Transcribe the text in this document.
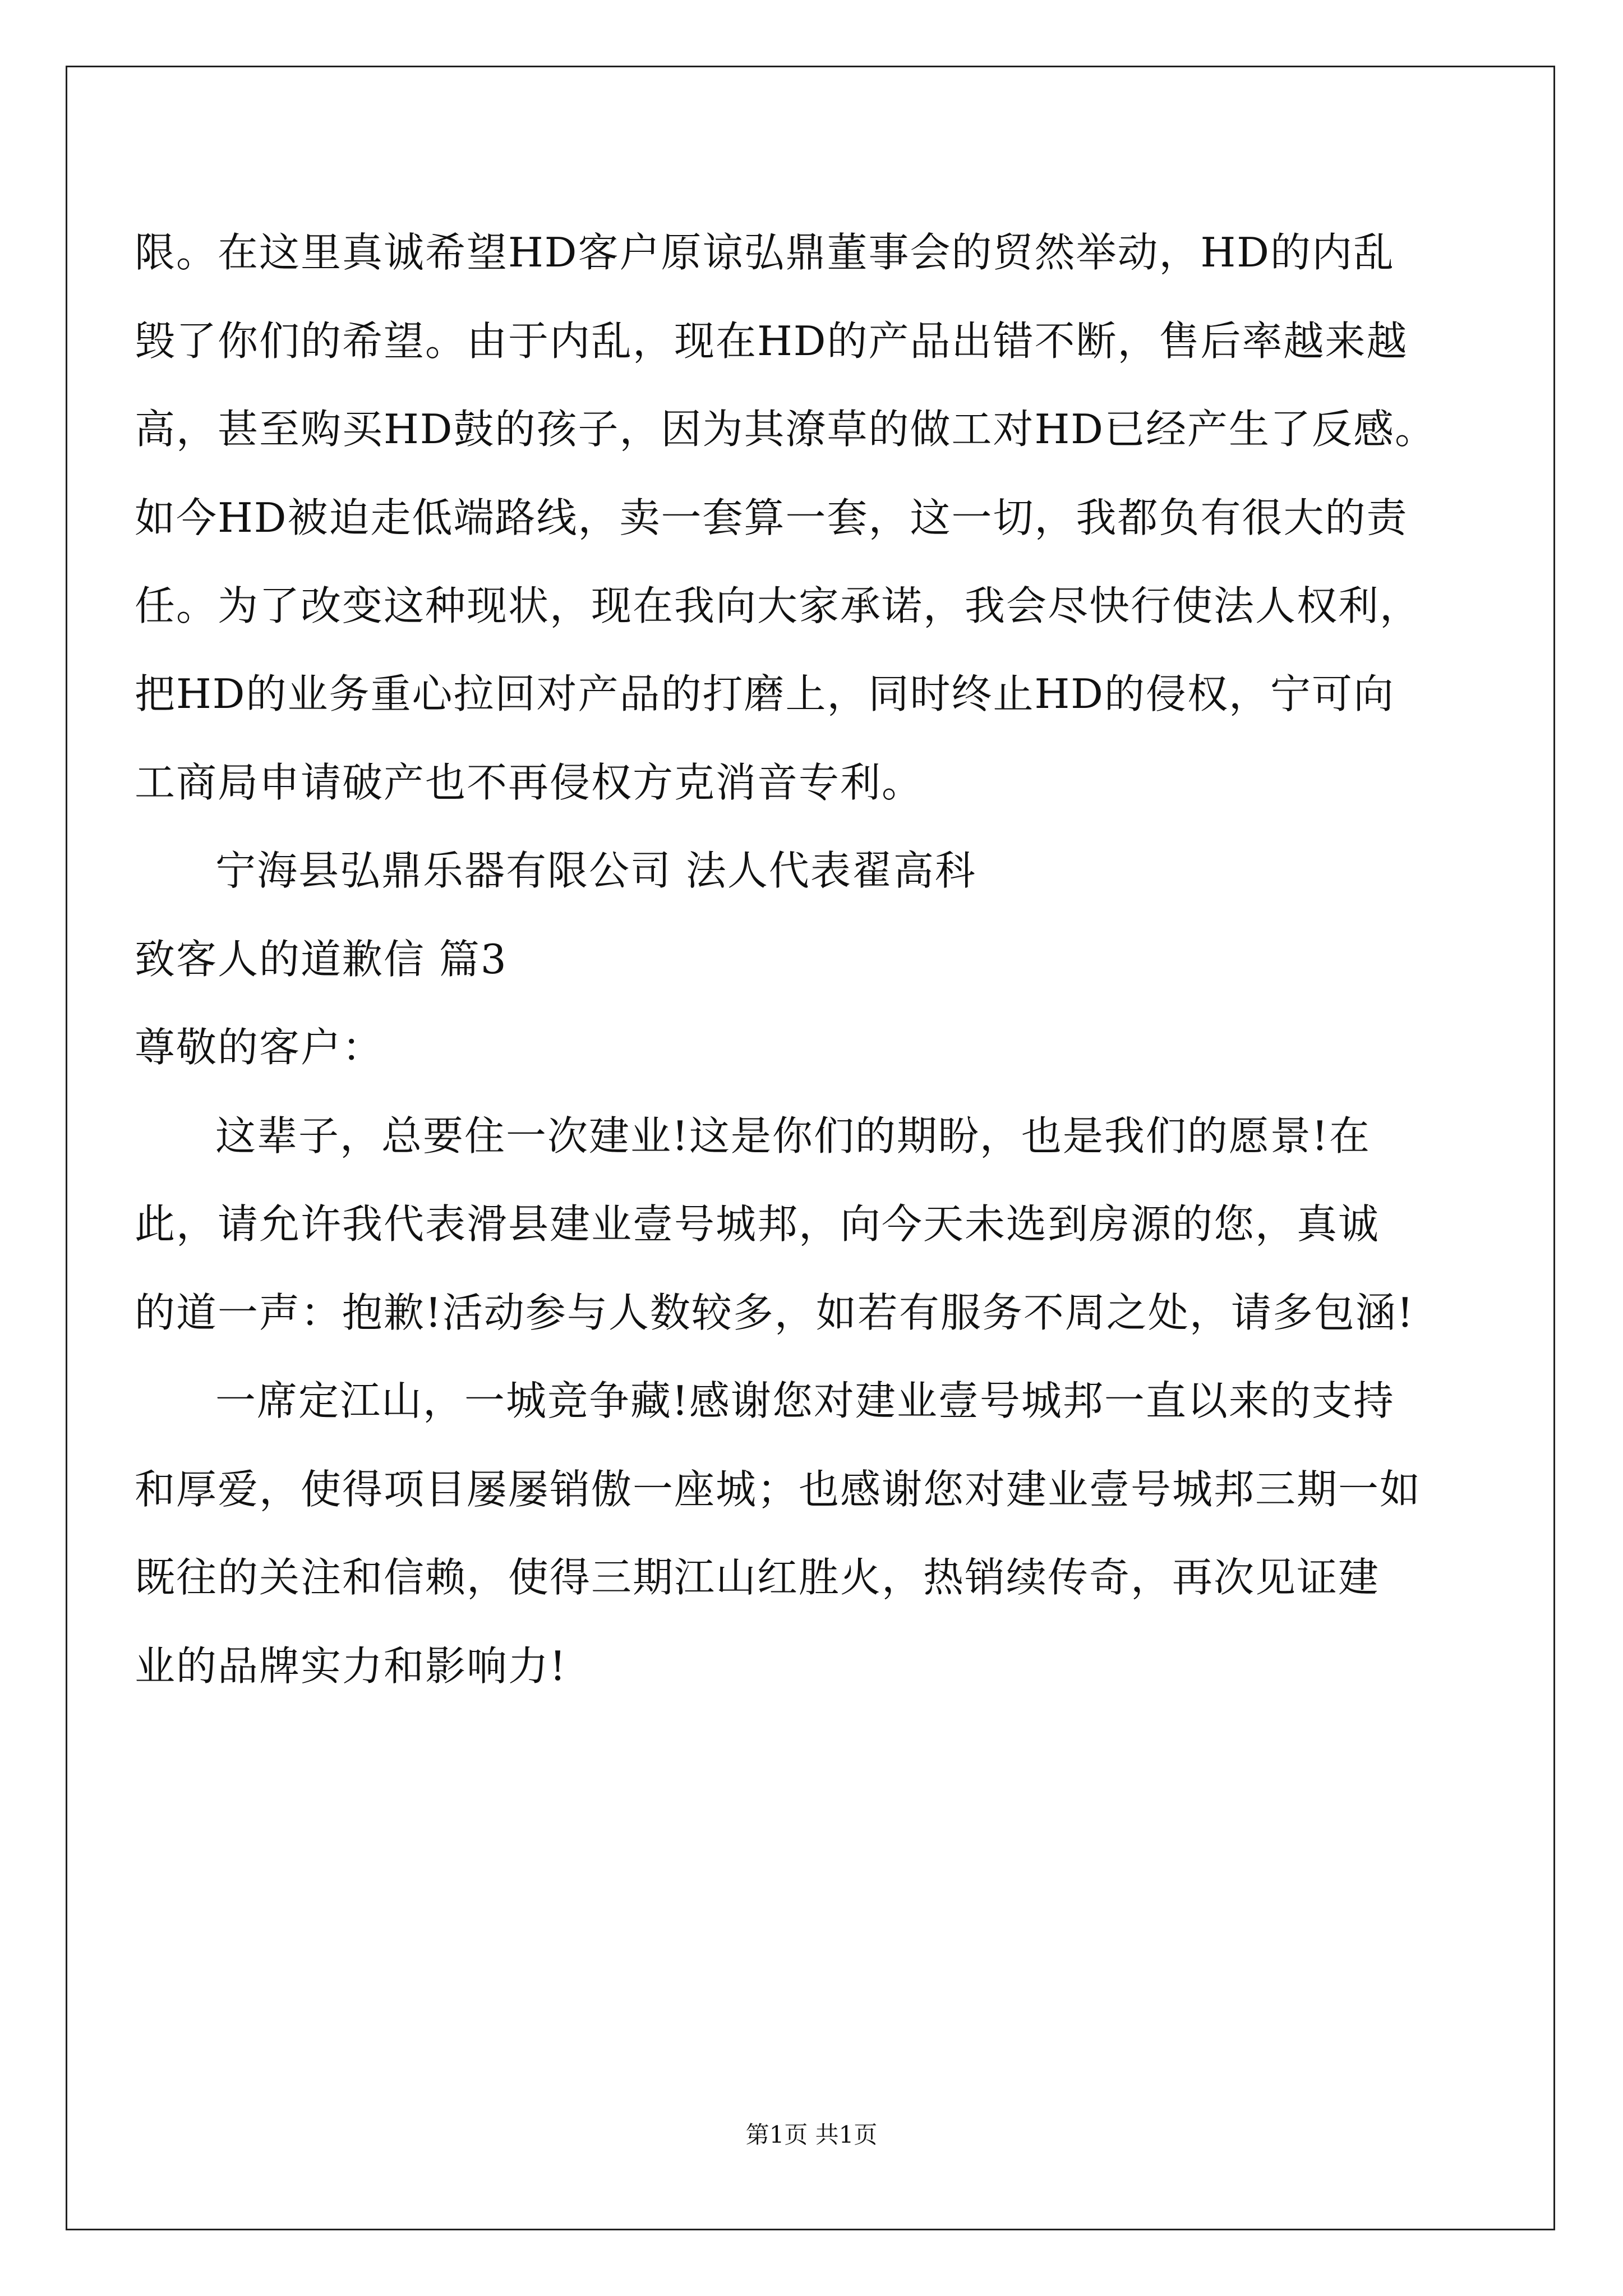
限。在这里真诚希望HD客户原谅弘鼎董事会的贸然举动，HD的内乱
毁了你们的希望。由于内乱，现在HD的产品出错不断，售后率越来越
高，甚至购买HD鼓的孩子，因为其潦草的做工对HD已经产生了反感。
如今HD被迫走低端路线，卖一套算一套，这一切，我都负有很大的责
任。为了改变这种现状，现在我向大家承诺，我会尽快行使法人权利，
把HD的业务重心拉回对产品的打磨上，同时终止HD的侵权，宁可向
工商局申请破产也不再侵权方克消音专利。
宁海县弘鼎乐器有限公司 法人代表翟高科
致客人的道歉信 篇3
尊敬的客户：
这辈子，总要住一次建业!这是你们的期盼，也是我们的愿景!在
此，请允许我代表滑县建业壹号城邦，向今天未选到房源的您，真诚
的道一声：抱歉!活动参与人数较多，如若有服务不周之处，请多包涵!
一席定江山，一城竞争藏!感谢您对建业壹号城邦一直以来的支持
和厚爱，使得项目屡屡销傲一座城；也感谢您对建业壹号城邦三期一如
既往的关注和信赖，使得三期江山红胜火，热销续传奇，再次见证建
业的品牌实力和影响力!
第1页 共1页
